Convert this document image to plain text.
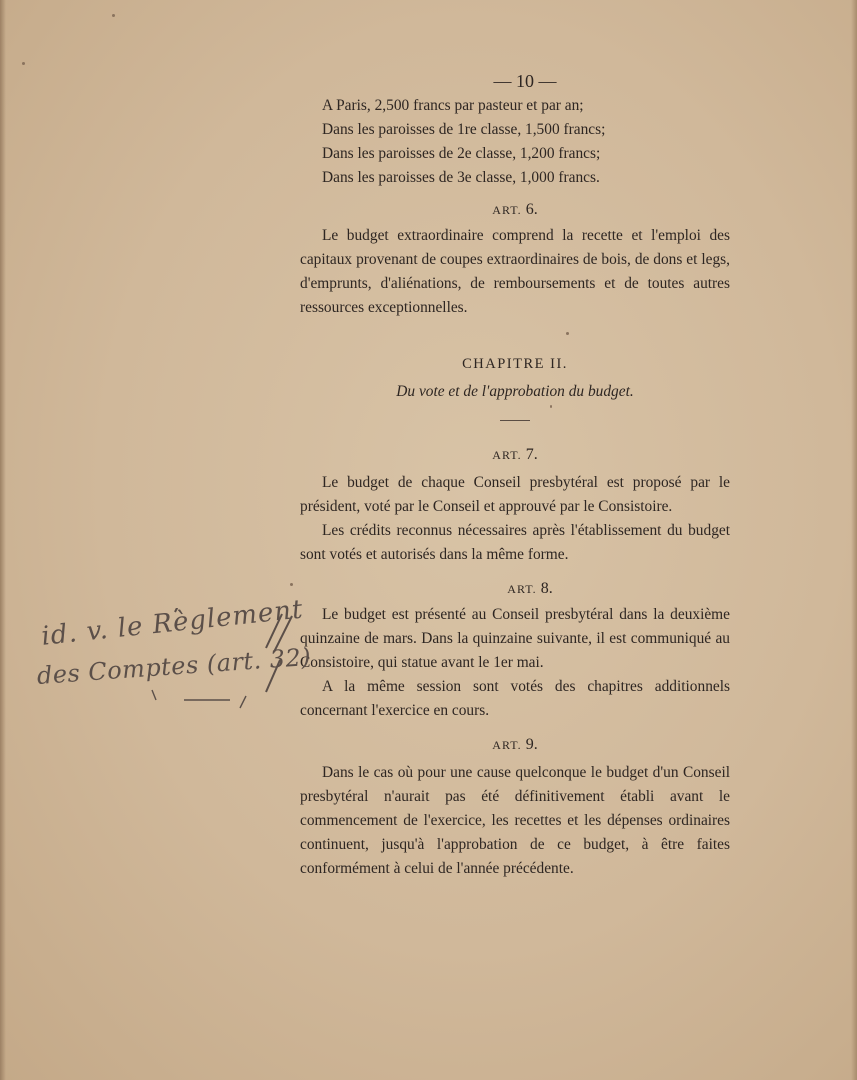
— 10 —
A Paris, 2,500 francs par pasteur et par an;
Dans les paroisses de 1re classe, 1,500 francs;
Dans les paroisses de 2e classe, 1,200 francs;
Dans les paroisses de 3e classe, 1,000 francs.
ART. 6.

Le budget extraordinaire comprend la recette et l'emploi des capitaux provenant de coupes extraordinaires de bois, de dons et legs, d'emprunts, d'aliénations, de remboursements et de toutes autres ressources exceptionnelles.

CHAPITRE II.
Du vote et de l'approbation du budget.
ART. 7.

Le budget de chaque Conseil presbytéral est proposé par le président, voté par le Conseil et approuvé par le Consistoire.

Les crédits reconnus nécessaires après l'établissement du budget sont votés et autorisés dans la même forme.

ART. 8.

Le budget est présenté au Conseil presbytéral dans la deuxième quinzaine de mars. Dans la quinzaine suivante, il est communiqué au Consistoire, qui statue avant le 1er mai.

A la même session sont votés des chapitres additionnels concernant l'exercice en cours.

ART. 9.

Dans le cas où pour une cause quelconque le budget d'un Conseil presbytéral n'aurait pas été définitivement établi avant le commencement de l'exercice, les recettes et les dépenses ordinaires continuent, jusqu'à l'approbation de ce budget, à être faites conformément à celui de l'année précédente.

id. v. le Règlement
des Comptes (art. 32)
